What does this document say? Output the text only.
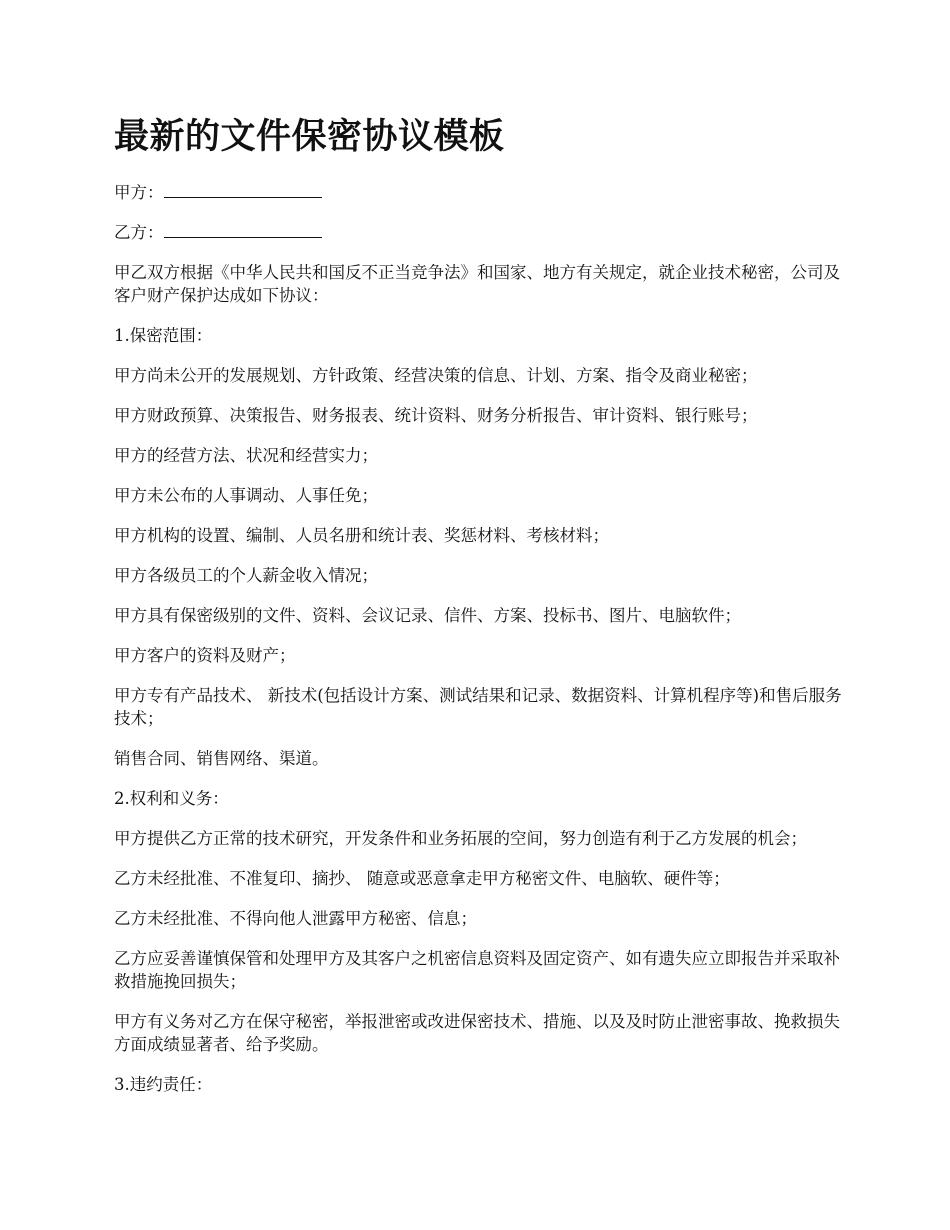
最新的文件保密协议模板

甲方：

乙方：

甲乙双方根据《中华人民共和国反不正当竞争法》和国家、地方有关规定，就企业技术秘密，公司及客户财产保护达成如下协议：

1.保密范围：

甲方尚未公开的发展规划、方针政策、经营决策的信息、计划、方案、指令及商业秘密；

甲方财政预算、决策报告、财务报表、统计资料、财务分析报告、审计资料、银行账号；

甲方的经营方法、状况和经营实力；

甲方未公布的人事调动、人事任免；

甲方机构的设置、编制、人员名册和统计表、奖惩材料、考核材料；

甲方各级员工的个人薪金收入情况；

甲方具有保密级别的文件、资料、会议记录、信件、方案、投标书、图片、电脑软件；

甲方客户的资料及财产；

甲方专有产品技术、 新技术(包括设计方案、测试结果和记录、数据资料、计算机程序等)和售后服务技术；

销售合同、销售网络、渠道。

2.权利和义务：

甲方提供乙方正常的技术研究，开发条件和业务拓展的空间，努力创造有利于乙方发展的机会；

乙方未经批准、不准复印、摘抄、 随意或恶意拿走甲方秘密文件、电脑软、硬件等；

乙方未经批准、不得向他人泄露甲方秘密、信息；

乙方应妥善谨慎保管和处理甲方及其客户之机密信息资料及固定资产、如有遗失应立即报告并采取补救措施挽回损失；

甲方有义务对乙方在保守秘密，举报泄密或改进保密技术、措施、以及及时防止泄密事故、挽救损失方面成绩显著者、给予奖励。

3.违约责任：
